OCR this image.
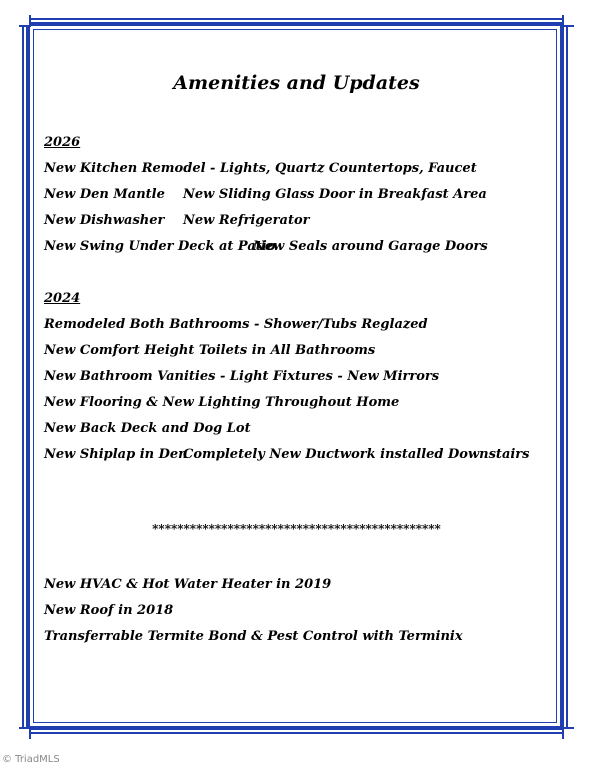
Amenities and Updates
2026
New Kitchen Remodel - Lights, Quartz Countertops, Faucet
New Den Mantle New Sliding Glass Door in Breakfast Area
New Dishwasher New Refrigerator
New Swing Under Deck at Patio
New Seals around Garage Doors
2024
Remodeled Both Bathrooms - Shower/Tubs Reglazed
New Comfort Height Toilets in All Bathrooms
New Bathroom Vanities - Light Fixtures - New Mirrors
New Flooring & New Lighting Throughout Home
New Back Deck and Dog Lot
New Shiplap in Den
Completely New Ductwork installed Downstairs
**********************************************
New HVAC & Hot Water Heater in 2019
New Roof in 2018
Transferrable Termite Bond & Pest Control with Terminix
© TriadMLS
